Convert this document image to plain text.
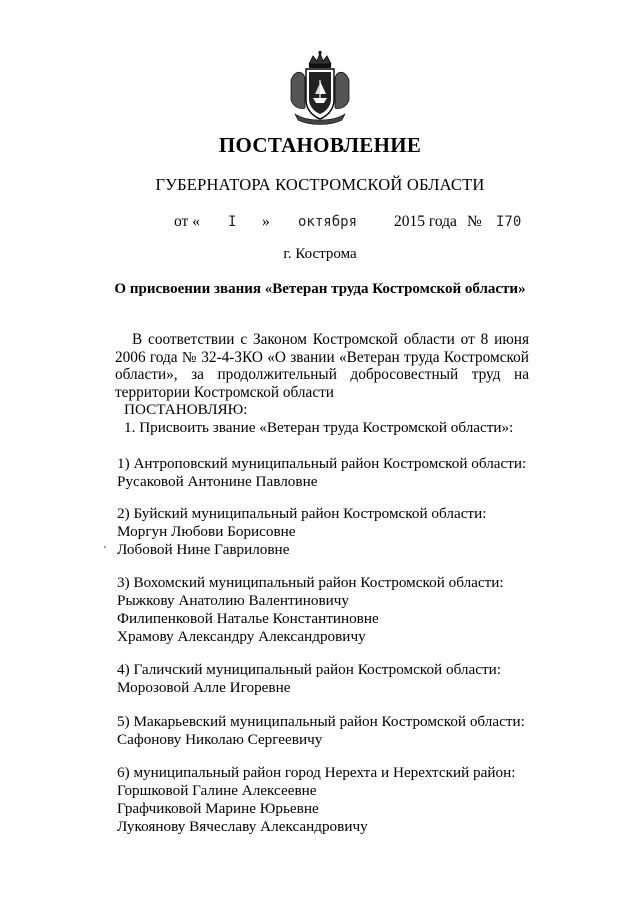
ПОСТАНОВЛЕНИЕ
ГУБЕРНАТОРА КОСТРОМСКОЙ ОБЛАСТИ
от « I » октября 2015 года № I70
г. Кострома
О присвоении звания «Ветеран труда Костромской области»
В соответствии с Законом Костромской области от 8 июня 2006 года № 32-4-ЗКО «О звании «Ветеран труда Костромской области», за продолжительный добросовестный труд на территории Костромской области
ПОСТАНОВЛЯЮ:
1. Присвоить звание «Ветеран труда Костромской области»:
1) Антроповский муниципальный район Костромской области:
Русаковой Антонине Павловне
2) Буйский муниципальный район Костромской области:
Моргун Любови Борисовне
Лобовой Нине Гавриловне
3) Вохомский муниципальный район Костромской области:
Рыжкову Анатолию Валентиновичу
Филипенковой Наталье Константиновне
Храмову Александру Александровичу
4) Галичский муниципальный район Костромской области:
Морозовой Алле Игоревне
5) Макарьевский муниципальный район Костромской области:
Сафонову Николаю Сергеевичу
6) муниципальный район город Нерехта и Нерехтский район:
Горшковой Галине Алексеевне
Графчиковой Марине Юрьевне
Лукоянову Вячеславу Александровичу
